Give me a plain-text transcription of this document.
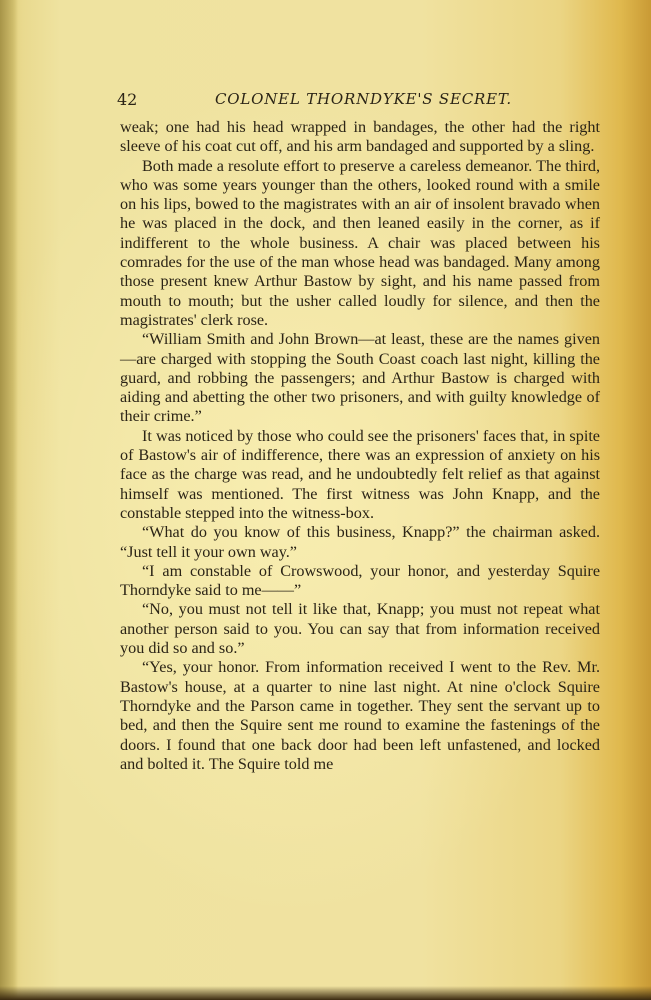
42	COLONEL THORNDYKE'S SECRET.

weak; one had his head wrapped in bandages, the other had the right sleeve of his coat cut off, and his arm bandaged and supported by a sling.

Both made a resolute effort to preserve a careless demeanor. The third, who was some years younger than the others, looked round with a smile on his lips, bowed to the magistrates with an air of insolent bravado when he was placed in the dock, and then leaned easily in the corner, as if indifferent to the whole business. A chair was placed between his comrades for the use of the man whose head was bandaged. Many among those present knew Arthur Bastow by sight, and his name passed from mouth to mouth; but the usher called loudly for silence, and then the magistrates' clerk rose.

“William Smith and John Brown—at least, these are the names given—are charged with stopping the South Coast coach last night, killing the guard, and robbing the passengers; and Arthur Bastow is charged with aiding and abetting the other two prisoners, and with guilty knowledge of their crime.”

It was noticed by those who could see the prisoners' faces that, in spite of Bastow's air of indifference, there was an expression of anxiety on his face as the charge was read, and he undoubtedly felt relief as that against himself was mentioned. The first witness was John Knapp, and the constable stepped into the witness-box.

“What do you know of this business, Knapp?” the chairman asked. “Just tell it your own way.”

“I am constable of Crowswood, your honor, and yesterday Squire Thorndyke said to me——”

“No, you must not tell it like that, Knapp; you must not repeat what another person said to you. You can say that from information received you did so and so.”

“Yes, your honor. From information received I went to the Rev. Mr. Bastow's house, at a quarter to nine last night. At nine o'clock Squire Thorndyke and the Parson came in together. They sent the servant up to bed, and then the Squire sent me round to examine the fastenings of the doors. I found that one back door had been left unfastened, and locked and bolted it. The Squire told me
